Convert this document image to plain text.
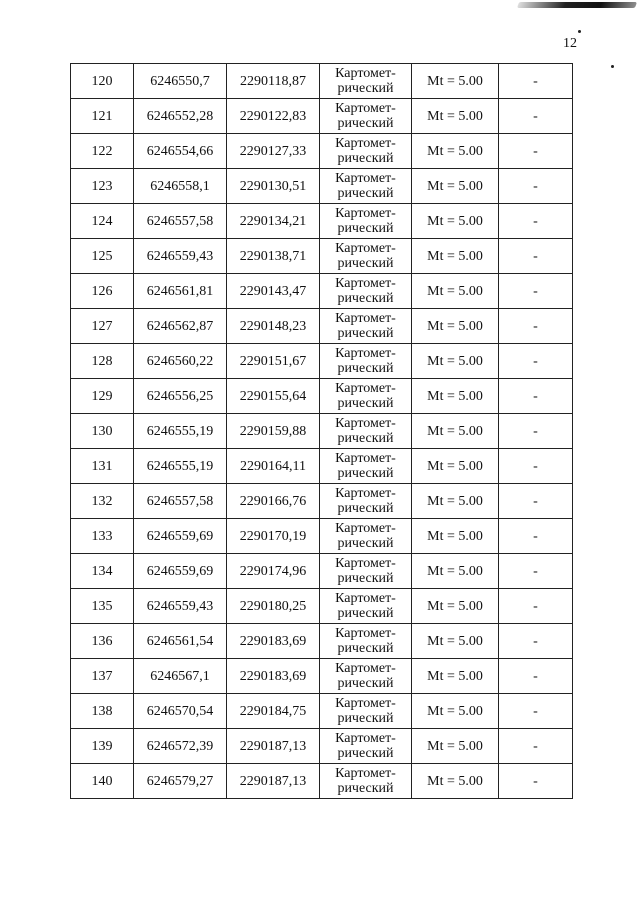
12
120	6246550,7	2290118,87	Картомет-
рический	Mt = 5.00	-
121	6246552,28	2290122,83	Картомет-
рический	Mt = 5.00	-
122	6246554,66	2290127,33	Картомет-
рический	Mt = 5.00	-
123	6246558,1	2290130,51	Картомет-
рический	Mt = 5.00	-
124	6246557,58	2290134,21	Картомет-
рический	Mt = 5.00	-
125	6246559,43	2290138,71	Картомет-
рический	Mt = 5.00	-
126	6246561,81	2290143,47	Картомет-
рический	Mt = 5.00	-
127	6246562,87	2290148,23	Картомет-
рический	Mt = 5.00	-
128	6246560,22	2290151,67	Картомет-
рический	Mt = 5.00	-
129	6246556,25	2290155,64	Картомет-
рический	Mt = 5.00	-
130	6246555,19	2290159,88	Картомет-
рический	Mt = 5.00	-
131	6246555,19	2290164,11	Картомет-
рический	Mt = 5.00	-
132	6246557,58	2290166,76	Картомет-
рический	Mt = 5.00	-
133	6246559,69	2290170,19	Картомет-
рический	Mt = 5.00	-
134	6246559,69	2290174,96	Картомет-
рический	Mt = 5.00	-
135	6246559,43	2290180,25	Картомет-
рический	Mt = 5.00	-
136	6246561,54	2290183,69	Картомет-
рический	Mt = 5.00	-
137	6246567,1	2290183,69	Картомет-
рический	Mt = 5.00	-
138	6246570,54	2290184,75	Картомет-
рический	Mt = 5.00	-
139	6246572,39	2290187,13	Картомет-
рический	Mt = 5.00	-
140	6246579,27	2290187,13	Картомет-
рический	Mt = 5.00	-
